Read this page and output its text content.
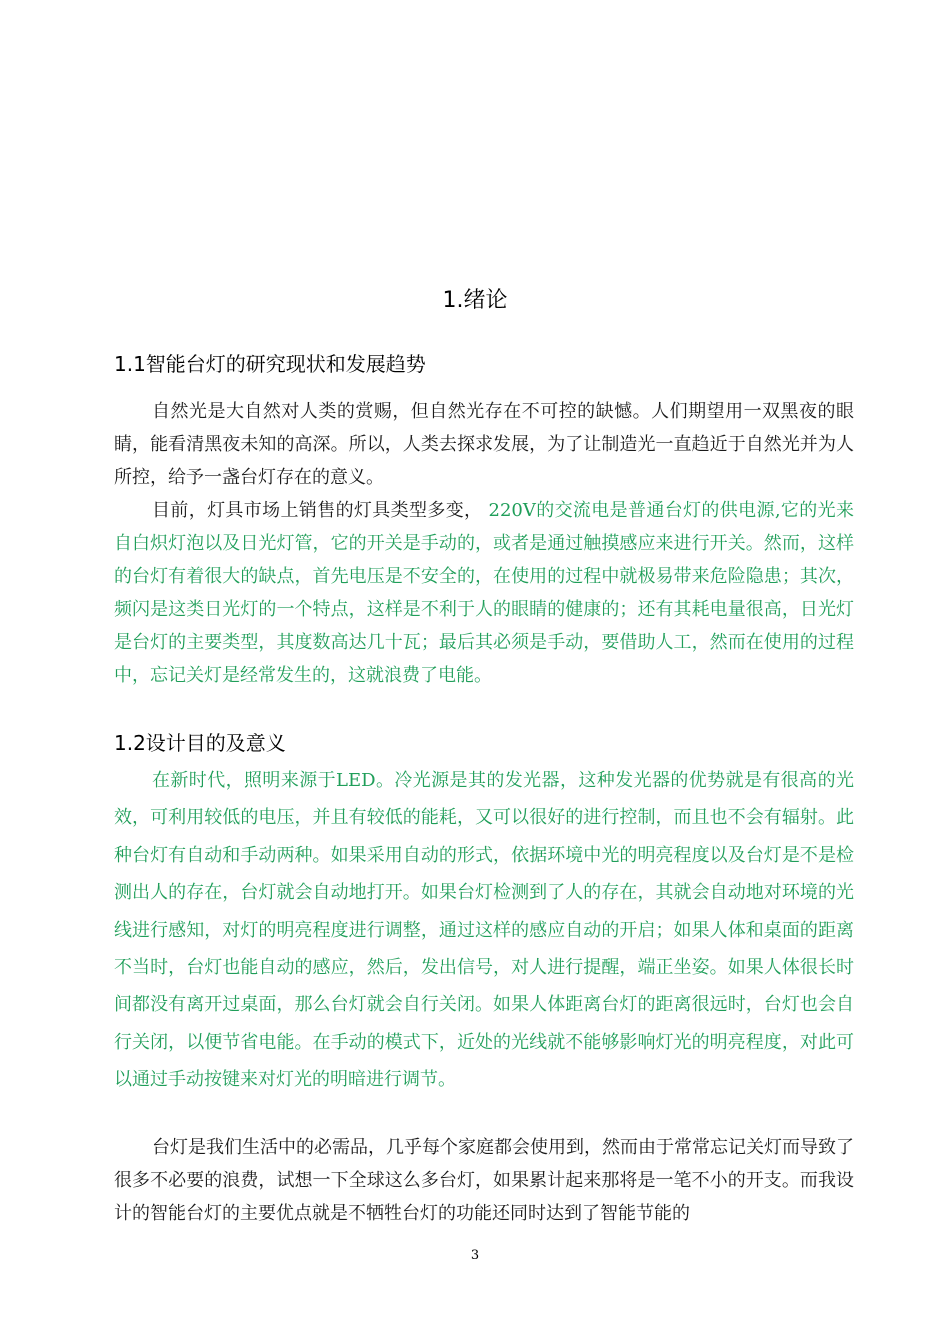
1.绪论
1.1智能台灯的研究现状和发展趋势

自然光是大自然对人类的赏赐，但自然光存在不可控的缺憾。人们期望用一双黑夜的眼睛，能看清黑夜未知的高深。所以，人类去探求发展，为了让制造光一直趋近于自然光并为人所控，给予一盏台灯存在的意义。

目前，灯具市场上销售的灯具类型多变， 220V的交流电是普通台灯的供电源,它的光来自白炽灯泡以及日光灯管，它的开关是手动的，或者是通过触摸感应来进行开关。然而，这样的台灯有着很大的缺点，首先电压是不安全的，在使用的过程中就极易带来危险隐患；其次，频闪是这类日光灯的一个特点，这样是不利于人的眼睛的健康的；还有其耗电量很高，日光灯是台灯的主要类型，其度数高达几十瓦；最后其必须是手动，要借助人工，然而在使用的过程中，忘记关灯是经常发生的，这就浪费了电能。

1.2设计目的及意义

在新时代，照明来源于LED。冷光源是其的发光器，这种发光器的优势就是有很高的光效，可利用较低的电压，并且有较低的能耗，又可以很好的进行控制，而且也不会有辐射。此种台灯有自动和手动两种。如果采用自动的形式，依据环境中光的明亮程度以及台灯是不是检测出人的存在，台灯就会自动地打开。如果台灯检测到了人的存在，其就会自动地对环境的光线进行感知，对灯的明亮程度进行调整，通过这样的感应自动的开启；如果人体和桌面的距离不当时，台灯也能自动的感应，然后，发出信号，对人进行提醒，端正坐姿。如果人体很长时间都没有离开过桌面，那么台灯就会自行关闭。如果人体距离台灯的距离很远时，台灯也会自行关闭，以便节省电能。在手动的模式下，近处的光线就不能够影响灯光的明亮程度，对此可以通过手动按键来对灯光的明暗进行调节。

台灯是我们生活中的必需品，几乎每个家庭都会使用到，然而由于常常忘记关灯而导致了很多不必要的浪费，试想一下全球这么多台灯，如果累计起来那将是一笔不小的开支。而我设计的智能台灯的主要优点就是不牺牲台灯的功能还同时达到了智能节能的

3
